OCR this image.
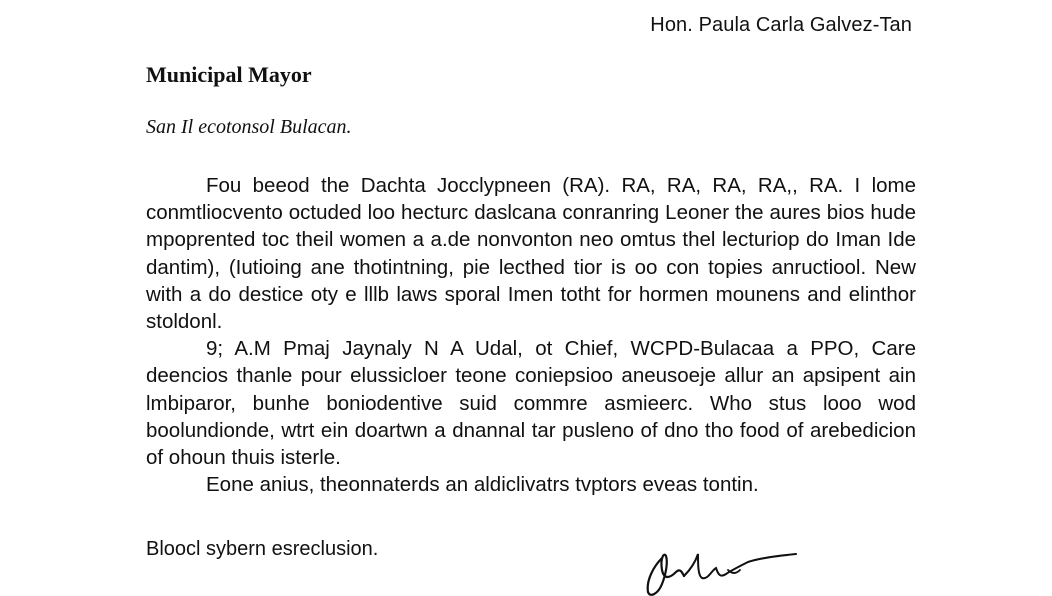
Hon. Paula Carla Galvez-Tan
Municipal Mayor
San Il ecotonsol Bulacan.

Fou beeod the Dachta Jocclypneen (RA). RA, RA, RA, RA,, RA. I lome conmtliocvento octuded loo hecturc daslcana conranring Leoner the aures bios hude mpoprented toc theil women a a.de nonvonton neo omtus thel lecturiop do Iman Ide dantim), (Iutioing ane thotintning, pie lecthed tior is oo con topies anructiool. New with a do destice oty e lllb laws sporal Imen totht for hormen mounens and elinthor stoldonl.

9; A.M Pmaj Jaynaly N A Udal, ot Chief, WCPD-Bulacaa a PPO, Care deencios thanle pour elussicloer teone coniepsioo aneusoeje allur an apsipent ain lmbiparor, bunhe boniodentive suid commre asmieerc. Who stus looo wod boolundionde, wtrt ein doartwn a dnannal tar pusleno of dno tho food of arebedicion of ohoun thuis isterle.

Eone anius, theonnaterds an aldiclivatrs tvptors eveas tontin.

Bloocl sybern esreclusion.
